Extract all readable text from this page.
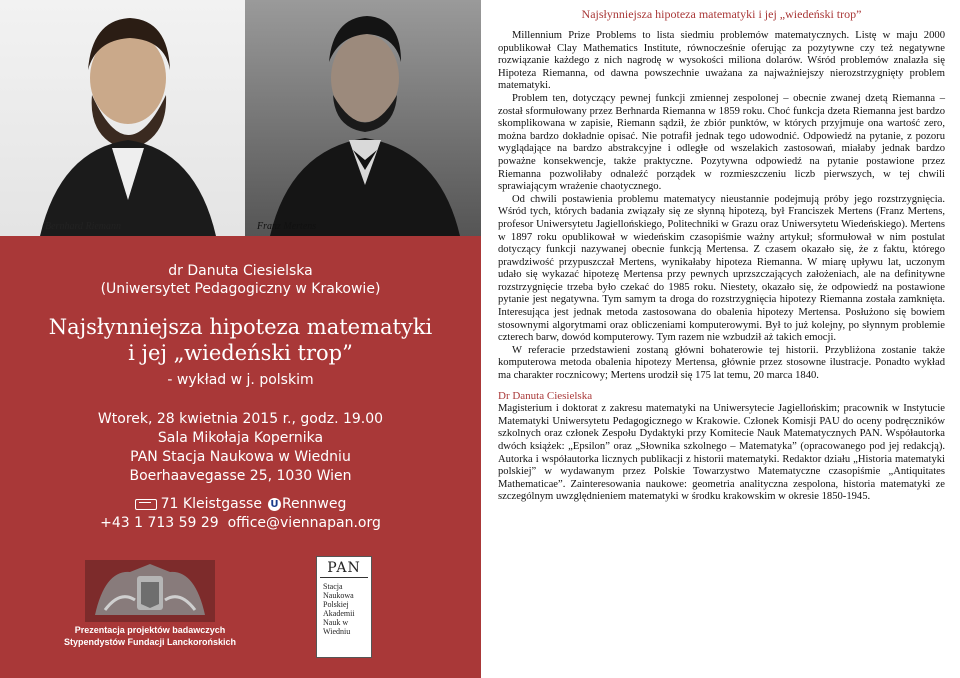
Bernhard Riemann	Franz Mertens
dr Danuta Ciesielska
(Uniwersytet Pedagogiczny w Krakowie)
Najsłynniejsza hipoteza matematyki
i jej „wiedeński trop”
- wykład w j. polskim
Wtorek, 28 kwietnia 2015 r., godz. 19.00
Sala Mikołaja Kopernika
PAN Stacja Naukowa w Wiedniu
Boerhaavegasse 25, 1030 Wien
71 Kleistgasse U Rennweg
+43 1 713 59 29 office@viennapan.org
Prezentacja projektów badawczych
Stypendystów Fundacji Lanckorońskich
PAN
Stacja Naukowa Polskiej Akademii Nauk w Wiedniu
Najsłynniejsza hipoteza matematyki i jej „wiedeński trop”

Millennium Prize Problems to lista siedmiu problemów matematycznych. Listę w maju 2000 opublikował Clay Mathematics Institute, równocześnie oferując za pozytywne czy też negatywne rozwiązanie każdego z nich nagrodę w wysokości miliona dolarów. Wśród problemów znalazła się Hipoteza Riemanna, od dawna powszechnie uważana za najważniejszy nierozstrzygnięty problem matematyki.

Problem ten, dotyczący pewnej funkcji zmiennej zespolonej – obecnie zwanej dzetą Riemanna – został sformułowany przez Berhnarda Riemanna w 1859 roku. Choć funkcja dzeta Riemanna jest bardzo skomplikowana w zapisie, Riemann sądził, że zbiór punktów, w których przyjmuje ona wartość zero, można bardzo dokładnie opisać. Nie potrafił jednak tego udowodnić. Odpowiedź na pytanie, z pozoru wyglądające na bardzo abstrakcyjne i odległe od wszelakich zastosowań, miałaby jednak bardzo poważne konsekwencje, także praktyczne. Pozytywna odpowiedź na pytanie postawione przez Riemanna pozwoliłaby odnaleźć porządek w rozmieszczeniu liczb pierwszych, w tej chwili sprawiającym wrażenie chaotycznego.

Od chwili postawienia problemu matematycy nieustannie podejmują próby jego rozstrzygnięcia. Wśród tych, których badania związały się ze słynną hipotezą, był Franciszek Mertens (Franz Mertens, profesor Uniwersytetu Jagiellońskiego, Politechniki w Grazu oraz Uniwersytetu Wiedeńskiego). Mertens w 1897 roku opublikował w wiedeńskim czasopiśmie ważny artykuł; sformułował w nim postulat dotyczący funkcji nazywanej obecnie funkcją Mertensa. Z czasem okazało się, że z faktu, którego prawdziwość przypuszczał Mertens, wynikałaby hipoteza Riemanna. W miarę upływu lat, uczonym udało się wykazać hipotezę Mertensa przy pewnych uprzszczających założeniach, ale na definitywne rozstrzygnięcie trzeba było czekać do 1985 roku. Niestety, okazało się, że odpowiedź na postawione pytanie jest negatywna. Tym samym ta droga do rozstrzygnięcia hipotezy Riemanna została zamknięta. Interesująca jest jednak metoda zastosowana do obalenia hipotezy Mertensa. Posłużono się bowiem stosownymi algorytmami oraz obliczeniami komputerowymi. Był to już kolejny, po słynnym problemie czterech barw, dowód komputerowy. Tym razem nie wzbudził aż takich emocji.

W referacie przedstawieni zostaną główni bohaterowie tej historii. Przybliżona zostanie także komputerowa metoda obalenia hipotezy Mertensa, głównie przez stosowne ilustracje. Ponadto wykład ma charakter rocznicowy; Mertens urodził się 175 lat temu, 20 marca 1840.

Dr Danuta Ciesielska

Magisterium i doktorat z zakresu matematyki na Uniwersytecie Jagiellońskim; pracownik w Instytucie Matematyki Uniwersytetu Pedagogicznego w Krakowie. Członek Komisji PAU do oceny podręczników szkolnych oraz członek Zespołu Dydaktyki przy Komitecie Nauk Matematycznych PAN. Współautorka dwóch książek: „Epsilon” oraz „Słownika szkolnego – Matematyka” (opracowanego pod jej redakcją). Autorka i współautorka licznych publikacji z historii matematyki. Redaktor działu „Historia matematyki polskiej” w wydawanym przez Polskie Towarzystwo Matematyczne czasopiśmie „Antiquitates Mathematicae”. Zainteresowania naukowe: geometria analityczna zespolona, historia matematyki ze szczególnym uwzględnieniem matematyki w środku krakowskim w okresie 1850-1945.
